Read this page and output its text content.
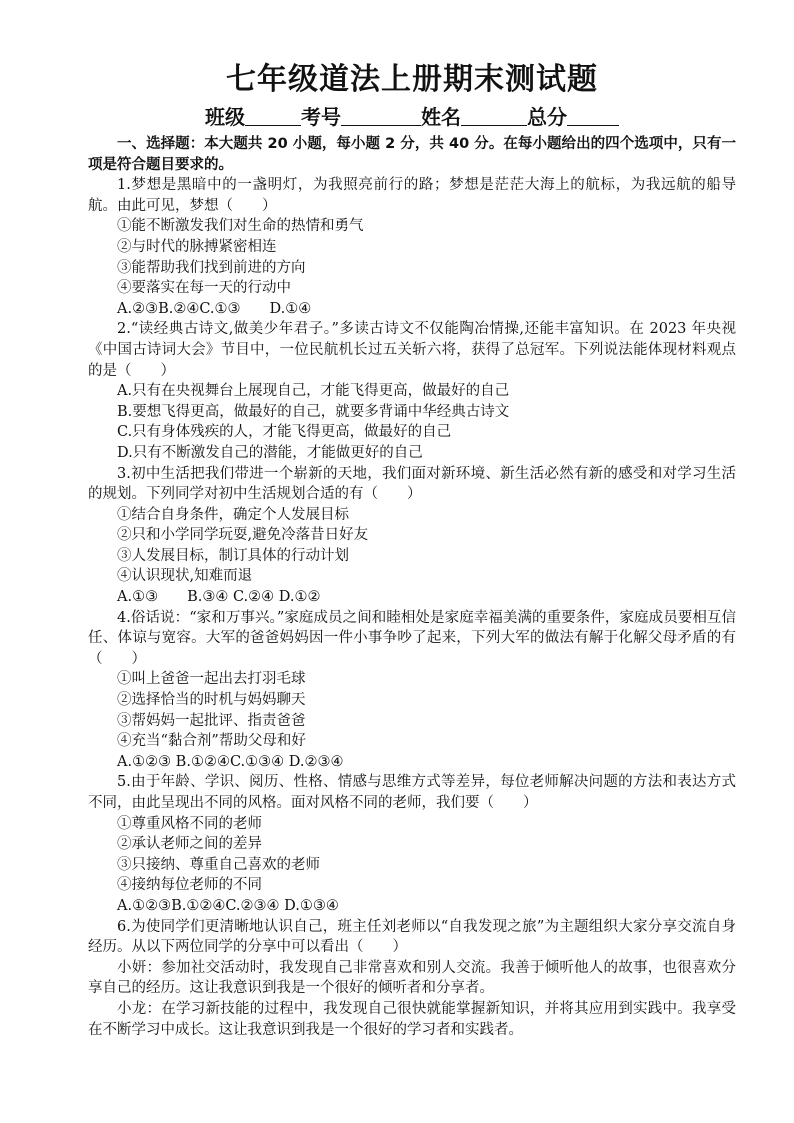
七年级道法上册期末测试题
班级	考号	姓名	总分

一、选择题：本大题共 20 小题，每小题 2 分，共 40 分。在每小题给出的四个选项中，只有一项是符合题目要求的。

1.梦想是黑暗中的一盏明灯，为我照亮前行的路；梦想是茫茫大海上的航标，为我远航的船导航。由此可见，梦想（　　）

①能不断激发我们对生命的热情和勇气

②与时代的脉搏紧密相连

③能帮助我们找到前进的方向

④要落实在每一天的行动中

A.②③B.②④C.①③　　D.①④

2.“读经典古诗文,做美少年君子。”多读古诗文不仅能陶冶情操,还能丰富知识。在 2023 年央视《中国古诗词大会》节目中，一位民航机长过五关斩六将，获得了总冠军。下列说法能体现材料观点的是（　　）

A.只有在央视舞台上展现自己，才能飞得更高，做最好的自己

B.要想飞得更高，做最好的自己，就要多背诵中华经典古诗文

C.只有身体残疾的人，才能飞得更高，做最好的自己

D.只有不断激发自己的潜能，才能做更好的自己

3.初中生活把我们带进一个崭新的天地，我们面对新环境、新生活必然有新的感受和对学习生活的规划。下列同学对初中生活规划合适的有（　　）

①结合自身条件，确定个人发展目标

②只和小学同学玩耍,避免冷落昔日好友

③人发展目标，制订具体的行动计划

④认识现状,知难而退

A.①③　　B.③④ C.②④ D.①②

4.俗话说：“家和万事兴。”家庭成员之间和睦相处是家庭幸福美满的重要条件，家庭成员要相互信任、体谅与宽容。大军的爸爸妈妈因一件小事争吵了起来，下列大军的做法有解于化解父母矛盾的有（　　）

①叫上爸爸一起出去打羽毛球

②选择恰当的时机与妈妈聊天

③帮妈妈一起批评、指责爸爸

④充当“黏合剂”帮助父母和好

A.①②③ B.①②④C.①③④ D.②③④

5.由于年龄、学识、阅历、性格、情感与思维方式等差异，每位老师解决问题的方法和表达方式不同，由此呈现出不同的风格。面对风格不同的老师，我们要（　　）

①尊重风格不同的老师

②承认老师之间的差异

③只接纳、尊重自己喜欢的老师

④接纳每位老师的不同

A.①②③B.①②④C.②③④ D.①③④

6.为使同学们更清晰地认识自己，班主任刘老师以“自我发现之旅”为主题组织大家分享交流自身经历。从以下两位同学的分享中可以看出（　　）

小妍：参加社交活动时，我发现自己非常喜欢和别人交流。我善于倾听他人的故事，也很喜欢分享自己的经历。这让我意识到我是一个很好的倾听者和分享者。

小龙：在学习新技能的过程中，我发现自己很快就能掌握新知识，并将其应用到实践中。我享受在不断学习中成长。这让我意识到我是一个很好的学习者和实践者。
